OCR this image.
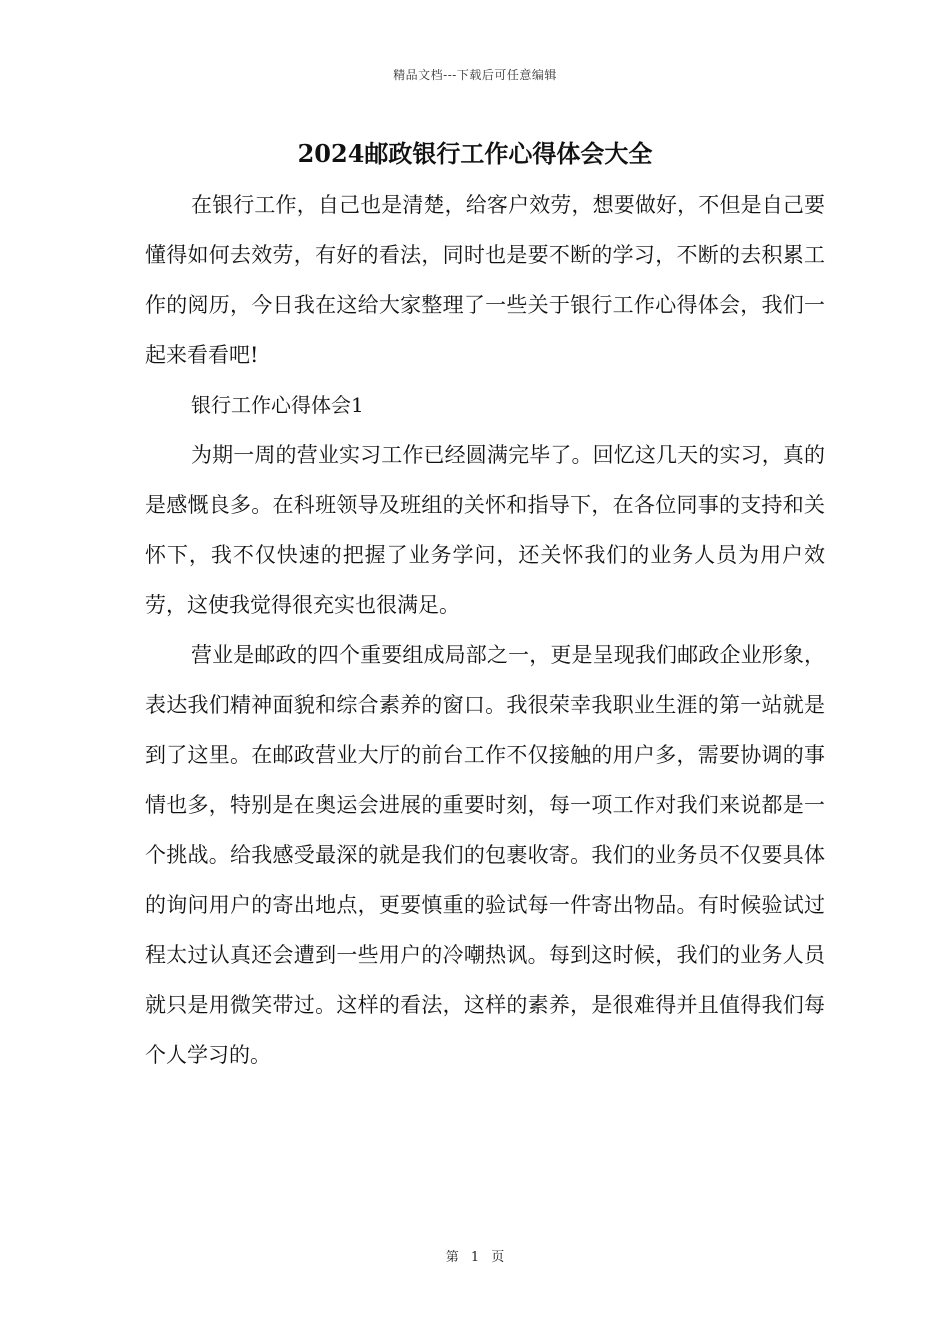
精品文档---下载后可任意编辑
2024邮政银行工作心得体会大全

在银行工作，自己也是清楚，给客户效劳，想要做好，不但是自己要懂得如何去效劳，有好的看法，同时也是要不断的学习，不断的去积累工作的阅历，今日我在这给大家整理了一些关于银行工作心得体会，我们一起来看看吧!

银行工作心得体会1

为期一周的营业实习工作已经圆满完毕了。回忆这几天的实习，真的是感慨良多。在科班领导及班组的关怀和指导下，在各位同事的支持和关怀下，我不仅快速的把握了业务学问，还关怀我们的业务人员为用户效劳，这使我觉得很充实也很满足。

营业是邮政的四个重要组成局部之一，更是呈现我们邮政企业形象，表达我们精神面貌和综合素养的窗口。我很荣幸我职业生涯的第一站就是到了这里。在邮政营业大厅的前台工作不仅接触的用户多，需要协调的事情也多，特别是在奥运会进展的重要时刻，每一项工作对我们来说都是一个挑战。给我感受最深的就是我们的包裹收寄。我们的业务员不仅要具体的询问用户的寄出地点，更要慎重的验试每一件寄出物品。有时候验试过程太过认真还会遭到一些用户的冷嘲热讽。每到这时候，我们的业务人员就只是用微笑带过。这样的看法，这样的素养，是很难得并且值得我们每个人学习的。

第 1 页
